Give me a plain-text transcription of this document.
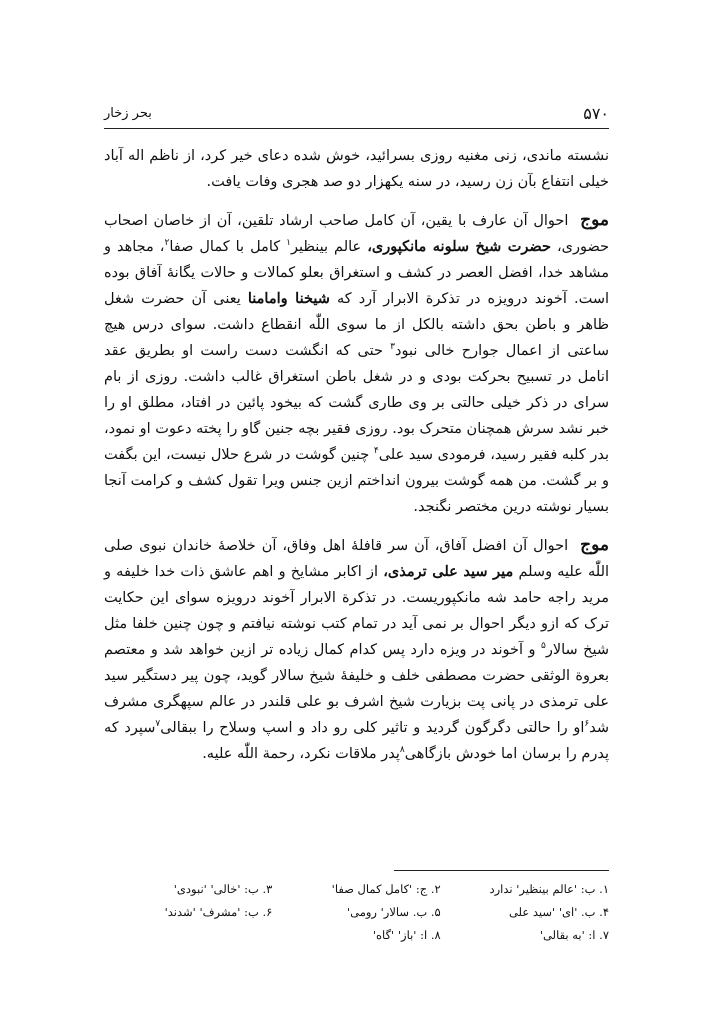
۵۷۰
بحر زخار

نشسته ماندی، زنی مغنیه روزی بسرائید، خوش شده دعای خیر کرد، از ناظم اله آباد خیلی انتفاع بآن زن رسید، در سنه یکهزار دو صد هجری وفات یافت.

موج احوال آن عارف با یقین، آن کامل صاحب ارشاد تلقین، آن از خاصان اصحاب حضوری، حضرت شیخ سلونه مانکپوری، عالم بینظیر$^۱$ کامل با کمال صفا$^۲$، مجاهد و مشاهد خدا، افضل العصر در کشف و استغراق بعلو کمالات و حالات یگانهٔ آفاق بوده است. آخوند درویزه در تذکرة الابرار آرد که شیخنا وامامنا یعنی آن حضرت شغل ظاهر و باطن بحق داشته بالکل از ما سوی اللّٰه انقطاع داشت. سوای درس هیچ ساعتی از اعمال جوارح خالی نبود$^۳$ حتی که انگشت دست راست او بطریق عقد انامل در تسبیح بحرکت بودی و در شغل باطن استغراق غالب داشت. روزی از بام سرای در ذکر خیلی حالتی بر وی طاری گشت که بیخود پائین در افتاد، مطلق او را خبر نشد سرش همچنان متحرک بود. روزی فقیر بچه جنین گاو را پخته دعوت او نمود، بدر کلبه فقیر رسید، فرمودی سید علی$^۴$ چنین گوشت در شرع حلال نیست، این بگفت و بر گشت. من همه گوشت بیرون انداختم ازین جنس ویرا تقول کشف و کرامت آنجا بسیار نوشته درین مختصر نگنجد.

موج احوال آن افضل آفاق، آن سر قافلهٔ اهل وفاق، آن خلاصهٔ خاندان نبوی صلی اللّٰه علیه وسلم میر سید علی ترمذی، از اکابر مشایخ و اهم عاشق ذات خدا خلیفه و مرید راجه حامد شه مانکپوریست. در تذکرة الابرار آخوند درویزه سوای این حکایت ترک که ازو دیگر احوال بر نمی آید در تمام کتب نوشته نیافتم و چون چنین خلفا مثل شیخ سالار$^۵$ و آخوند در ویزه دارد پس کدام کمال زیاده تر ازین خواهد شد و معتصم بعروة الوثقی حضرت مصطفی خلف و خلیفهٔ شیخ سالار گوید، چون پیر دستگیر سید علی ترمذی در پانی پت بزیارت شیخ اشرف بو علی قلندر در عالم سپهگری مشرف شد$^۶$او را حالتی دگرگون گردید و تاثیر کلی رو داد و اسپ وسلاح را ببقالی$^۷$سپرد که پدرم را برسان اما خودش بازگاهی$^۸$پدر ملاقات نکرد، رحمة اللّٰه علیه.

۱. ب: 'عالم بینظیر' ندارد
۲. ج: 'کامل کمال صفا'
۳. ب: 'خالی' 'نبودی'
۴. ب. 'ای' 'سید علی
۵. ب. سالار' رومی'
۶. ب: 'مشرف' 'شدند'
۷. ا: 'به بقالی'
۸. ا: 'باز' 'گاه'
